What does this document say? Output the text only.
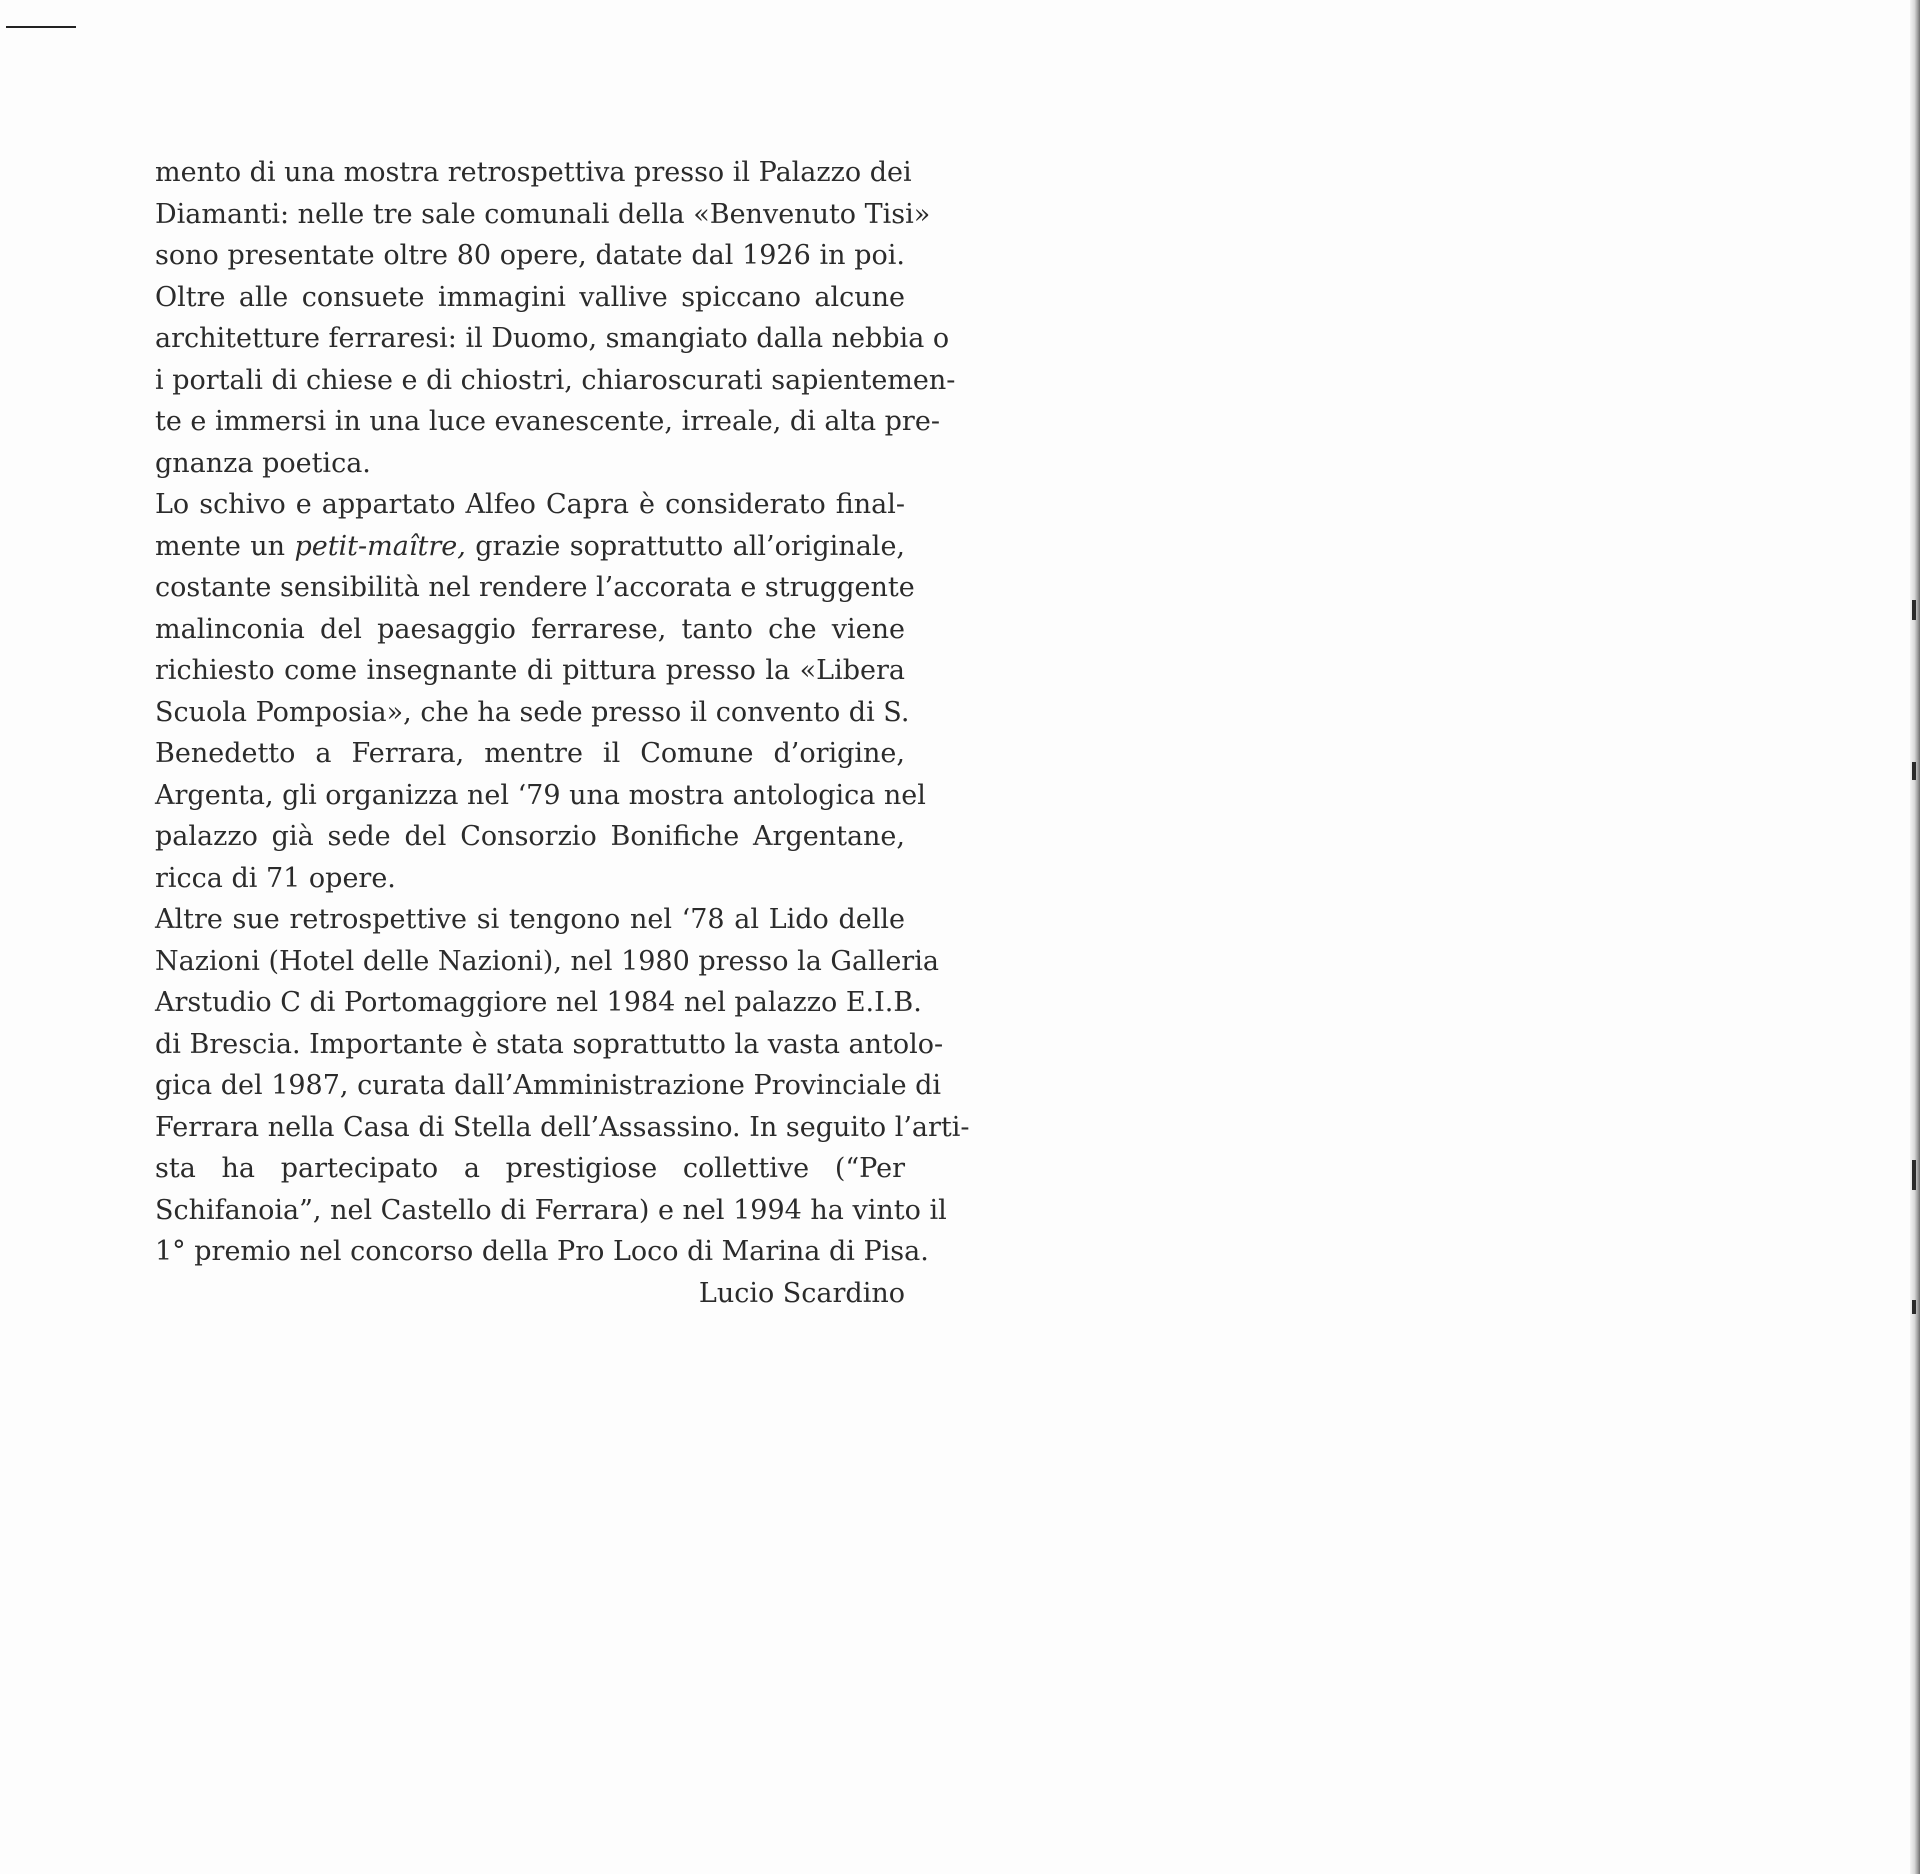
mento di una mostra retrospettiva presso il Palazzo dei
Diamanti: nelle tre sale comunali della «Benvenuto Tisi»
sono presentate oltre 80 opere, datate dal 1926 in poi.
Oltre alle consuete immagini vallive spiccano alcune
architetture ferraresi: il Duomo, smangiato dalla nebbia o
i portali di chiese e di chiostri, chiaroscurati sapientemen-
te e immersi in una luce evanescente, irreale, di alta pre-
gnanza poetica.

Lo schivo e appartato Alfeo Capra è considerato final-
mente un petit-maître, grazie soprattutto all’originale,
costante sensibilità nel rendere l’accorata e struggente
malinconia del paesaggio ferrarese, tanto che viene
richiesto come insegnante di pittura presso la «Libera
Scuola Pomposia», che ha sede presso il convento di S.
Benedetto a Ferrara, mentre il Comune d’origine,
Argenta, gli organizza nel ‘79 una mostra antologica nel
palazzo già sede del Consorzio Bonifiche Argentane,
ricca di 71 opere.

Altre sue retrospettive si tengono nel ‘78 al Lido delle
Nazioni (Hotel delle Nazioni), nel 1980 presso la Galleria
Arstudio C di Portomaggiore nel 1984 nel palazzo E.I.B.
di Brescia. Importante è stata soprattutto la vasta antolo-
gica del 1987, curata dall’Amministrazione Provinciale di
Ferrara nella Casa di Stella dell’Assassino. In seguito l’arti-
sta ha partecipato a prestigiose collettive (“Per
Schifanoia”, nel Castello di Ferrara) e nel 1994 ha vinto il
1° premio nel concorso della Pro Loco di Marina di Pisa.

Lucio Scardino
